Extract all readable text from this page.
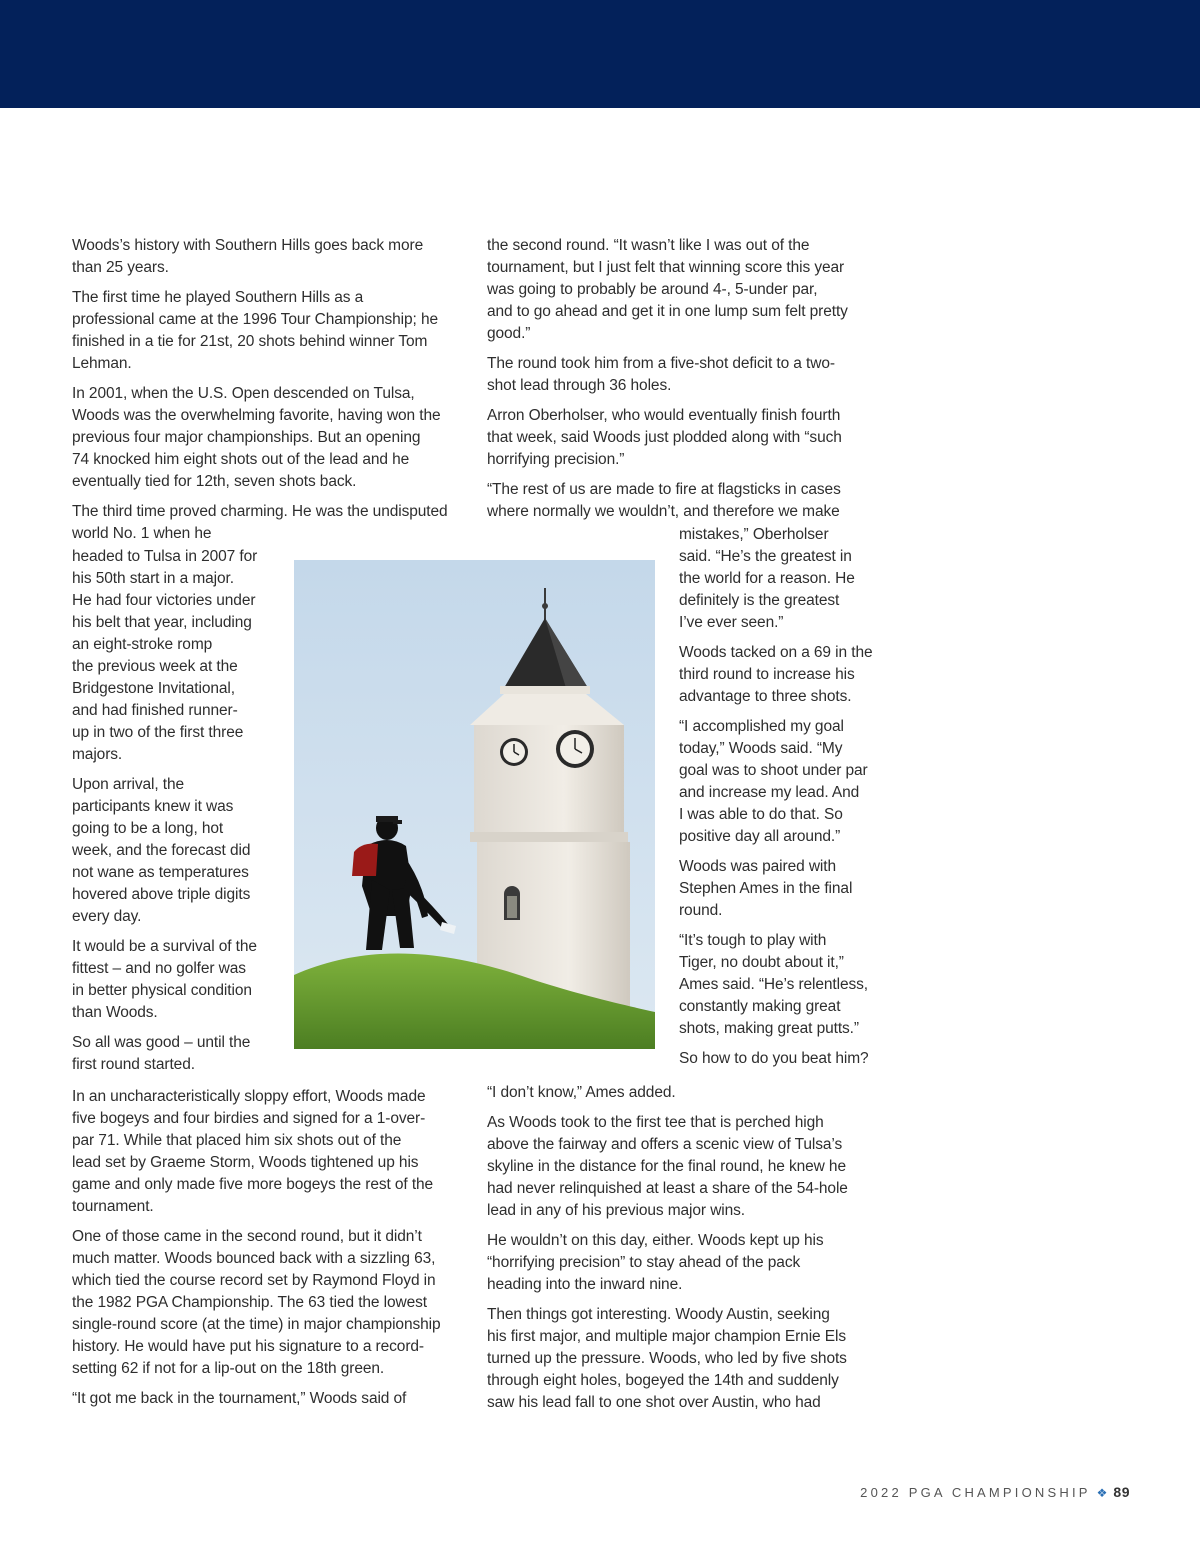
Woods’s history with Southern Hills goes back more
than 25 years.
The first time he played Southern Hills as a
professional came at the 1996 Tour Championship; he
finished in a tie for 21st, 20 shots behind winner Tom
Lehman.
In 2001, when the U.S. Open descended on Tulsa,
Woods was the overwhelming favorite, having won the
previous four major championships. But an opening
74 knocked him eight shots out of the lead and he
eventually tied for 12th, seven shots back.
The third time proved charming. He was the undisputed
world No. 1 when he
headed to Tulsa in 2007 for
his 50th start in a major.
He had four victories under
his belt that year, including
an eight-stroke romp
the previous week at the
Bridgestone Invitational,
and had finished runner-
up in two of the first three
majors.
Upon arrival, the
participants knew it was
going to be a long, hot
week, and the forecast did
not wane as temperatures
hovered above triple digits
every day.
It would be a survival of the
fittest – and no golfer was
in better physical condition
than Woods.
So all was good – until the
first round started.
In an uncharacteristically sloppy effort, Woods made
five bogeys and four birdies and signed for a 1-over-
par 71. While that placed him six shots out of the
lead set by Graeme Storm, Woods tightened up his
game and only made five more bogeys the rest of the
tournament.
One of those came in the second round, but it didn’t
much matter. Woods bounced back with a sizzling 63,
which tied the course record set by Raymond Floyd in
the 1982 PGA Championship. The 63 tied the lowest
single-round score (at the time) in major championship
history. He would have put his signature to a record-
setting 62 if not for a lip-out on the 18th green.
“It got me back in the tournament,” Woods said of
the second round. “It wasn’t like I was out of the
tournament, but I just felt that winning score this year
was going to probably be around 4-, 5-under par,
and to go ahead and get it in one lump sum felt pretty
good.”
The round took him from a five-shot deficit to a two-
shot lead through 36 holes.
Arron Oberholser, who would eventually finish fourth
that week, said Woods just plodded along with “such
horrifying precision.”
“The rest of us are made to fire at flagsticks in cases
where normally we wouldn’t, and therefore we make
mistakes,” Oberholser
said. “He’s the greatest in
the world for a reason. He
definitely is the greatest
I’ve ever seen.”
Woods tacked on a 69 in the
third round to increase his
advantage to three shots.
“I accomplished my goal
today,” Woods said. “My
goal was to shoot under par
and increase my lead. And
I was able to do that. So
positive day all around.”
Woods was paired with
Stephen Ames in the final
round.
“It’s tough to play with
Tiger, no doubt about it,”
Ames said. “He’s relentless,
constantly making great
shots, making great putts.”
So how to do you beat him?
“I don’t know,” Ames added.
As Woods took to the first tee that is perched high
above the fairway and offers a scenic view of Tulsa’s
skyline in the distance for the final round, he knew he
had never relinquished at least a share of the 54-hole
lead in any of his previous major wins.
He wouldn’t on this day, either. Woods kept up his
“horrifying precision” to stay ahead of the pack
heading into the inward nine.
Then things got interesting. Woody Austin, seeking
his first major, and multiple major champion Ernie Els
turned up the pressure. Woods, who led by five shots
through eight holes, bogeyed the 14th and suddenly
saw his lead fall to one shot over Austin, who had
2022 PGA CHAMPIONSHIP ❖ 89
